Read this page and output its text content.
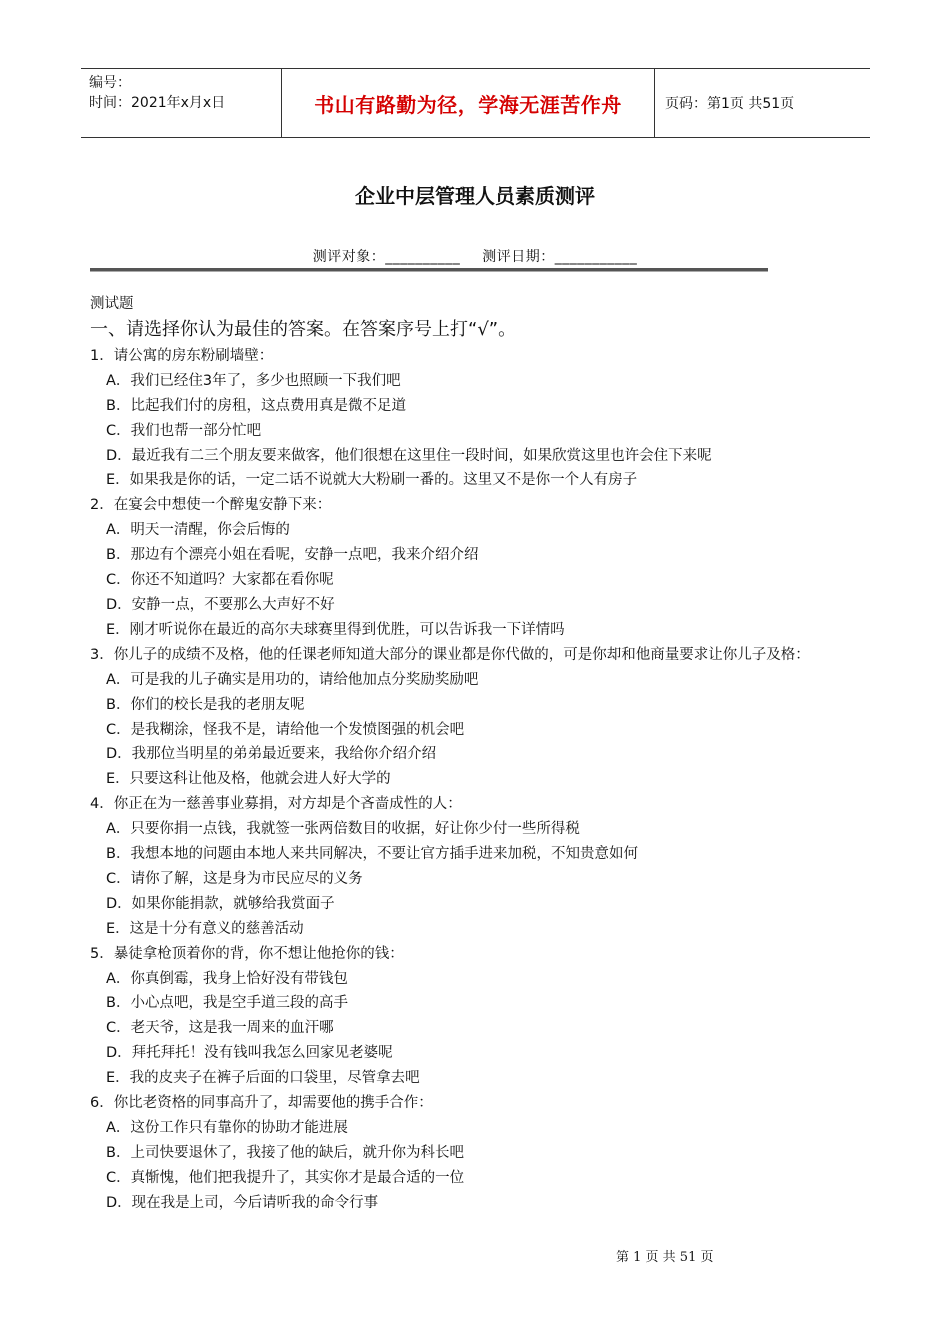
编号：
时间：2021年x月x日	书山有路勤为径，学海无涯苦作舟	页码：第1页 共51页
企业中层管理人员素质测评
测评对象：__________ 测评日期：___________

测试题

一、请选择你认为最佳的答案。在答案序号上打“√”。

1．请公寓的房东粉刷墙壁：

A．我们已经住3年了，多少也照顾一下我们吧

B．比起我们付的房租，这点费用真是微不足道

C．我们也帮一部分忙吧

D．最近我有二三个朋友要来做客，他们很想在这里住一段时间，如果欣赏这里也许会住下来呢

E．如果我是你的话，一定二话不说就大大粉刷一番的。这里又不是你一个人有房子

2．在宴会中想使一个醉鬼安静下来：

A．明天一清醒，你会后悔的

B．那边有个漂亮小姐在看呢，安静一点吧，我来介绍介绍

C．你还不知道吗？大家都在看你呢

D．安静一点，不要那么大声好不好

E．刚才听说你在最近的高尔夫球赛里得到优胜，可以告诉我一下详情吗

3．你儿子的成绩不及格，他的任课老师知道大部分的课业都是你代做的，可是你却和他商量要求让你儿子及格：

A．可是我的儿子确实是用功的，请给他加点分奖励奖励吧

B．你们的校长是我的老朋友呢

C．是我糊涂，怪我不是，请给他一个发愤图强的机会吧

D．我那位当明星的弟弟最近要来，我给你介绍介绍

E．只要这科让他及格，他就会进人好大学的

4．你正在为一慈善事业募捐，对方却是个吝啬成性的人：

A．只要你捐一点钱，我就签一张两倍数目的收据，好让你少付一些所得税

B．我想本地的问题由本地人来共同解决，不要让官方插手进来加税，不知贵意如何

C．请你了解，这是身为市民应尽的义务

D．如果你能捐款，就够给我赏面子

E．这是十分有意义的慈善活动

5．暴徒拿枪顶着你的背，你不想让他抢你的钱：

A．你真倒霉，我身上恰好没有带钱包

B．小心点吧，我是空手道三段的高手

C．老天爷，这是我一周来的血汗哪

D．拜托拜托！没有钱叫我怎么回家见老婆呢

E．我的皮夹子在裤子后面的口袋里，尽管拿去吧

6．你比老资格的同事高升了，却需要他的携手合作：

A．这份工作只有靠你的协助才能进展

B．上司快要退休了，我接了他的缺后，就升你为科长吧

C．真惭愧，他们把我提升了，其实你才是最合适的一位

D．现在我是上司，今后请听我的命令行事

第 1 页 共 51 页
